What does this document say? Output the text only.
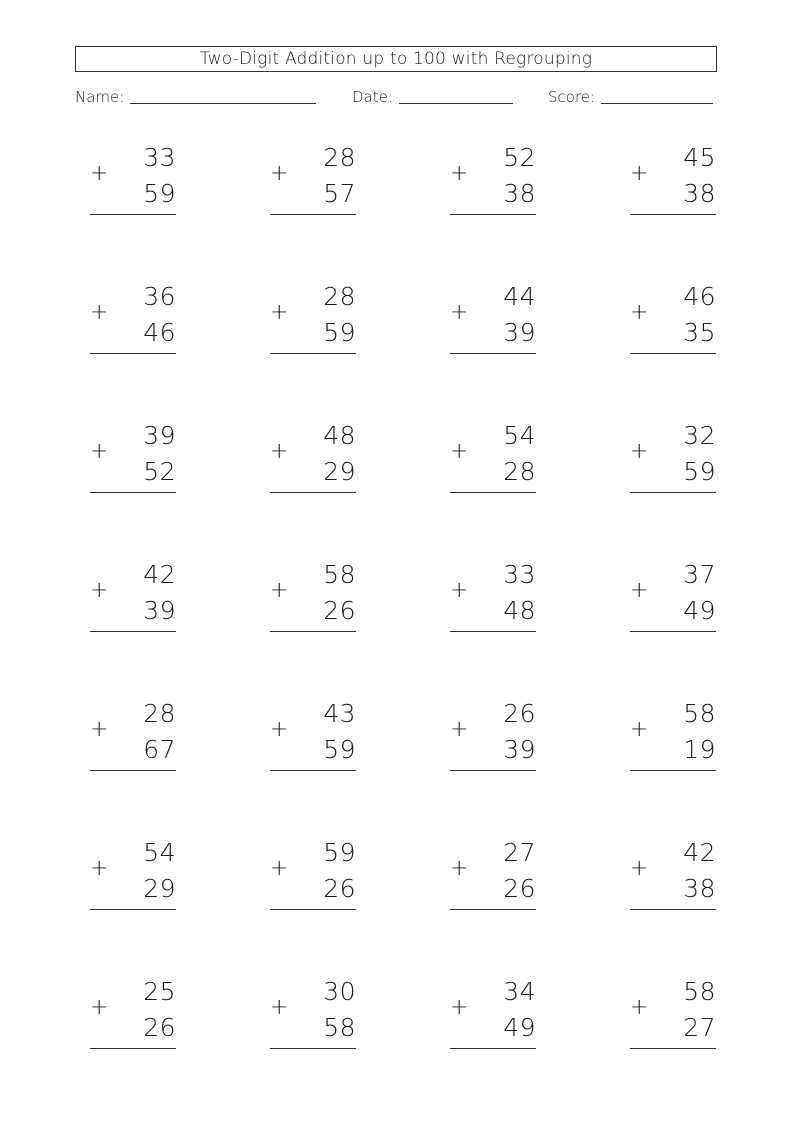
Two-Digit Addition up to 100 with Regrouping
Name:	Date:	Score:
+
33
59
+
28
57
+
52
38
+
45
38
+
36
46
+
28
59
+
44
39
+
46
35
+
39
52
+
48
29
+
54
28
+
32
59
+
42
39
+
58
26
+
33
48
+
37
49
+
28
67
+
43
59
+
26
39
+
58
19
+
54
29
+
59
26
+
27
26
+
42
38
+
25
26
+
30
58
+
34
49
+
58
27
